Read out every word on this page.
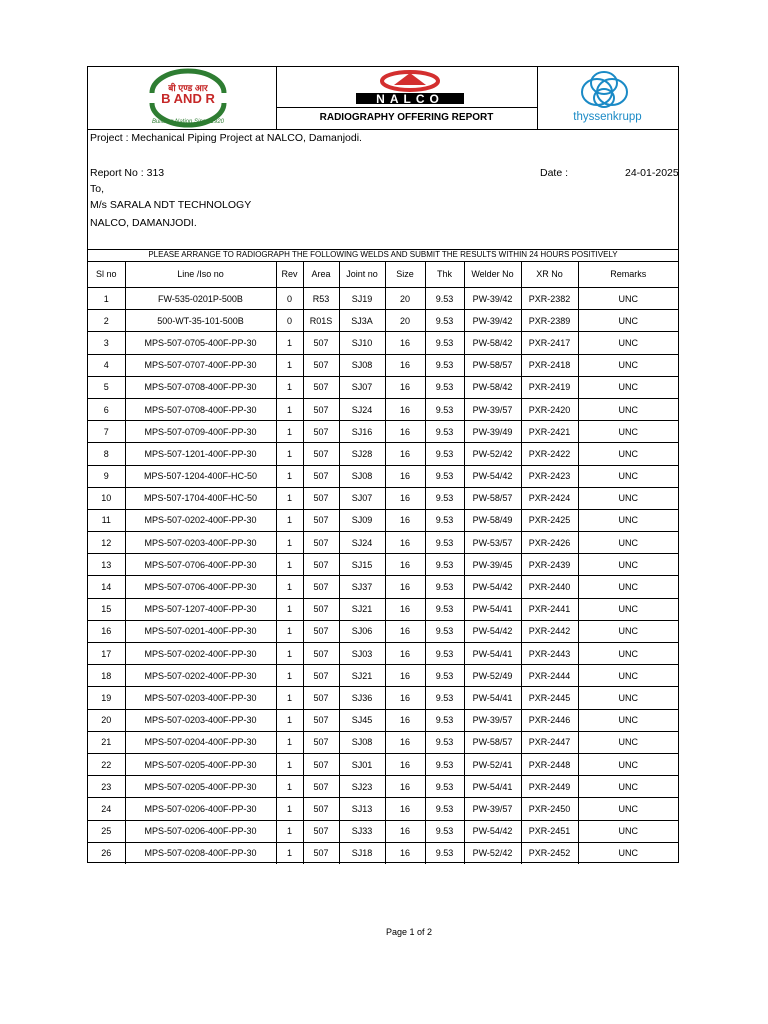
बी एण्ड आर
B AND R
Building Nation Since 1920
NALCO
RADIOGRAPHY OFFERING REPORT	thyssenkrupp
Project : Mechanical Piping Project at NALCO, Damanjodi.
Report No : 313	Date :	24-01-2025
To,
M/s SARALA NDT TECHNOLOGY
NALCO, DAMANJODI.
PLEASE ARRANGE TO RADIOGRAPH THE FOLLOWING WELDS AND SUBMIT THE RESULTS WITHIN 24 HOURS POSITIVELY
Sl no	Line /Iso no	Rev	Area	Joint no	Size	Thk	Welder No	XR No	Remarks
1	FW-535-0201P-500B	0	R53	SJ19	20	9.53	PW-39/42	PXR-2382	UNC
2	500-WT-35-101-500B	0	R01S	SJ3A	20	9.53	PW-39/42	PXR-2389	UNC
3	MPS-507-0705-400F-PP-30	1	507	SJ10	16	9.53	PW-58/42	PXR-2417	UNC
4	MPS-507-0707-400F-PP-30	1	507	SJ08	16	9.53	PW-58/57	PXR-2418	UNC
5	MPS-507-0708-400F-PP-30	1	507	SJ07	16	9.53	PW-58/42	PXR-2419	UNC
6	MPS-507-0708-400F-PP-30	1	507	SJ24	16	9.53	PW-39/57	PXR-2420	UNC
7	MPS-507-0709-400F-PP-30	1	507	SJ16	16	9.53	PW-39/49	PXR-2421	UNC
8	MPS-507-1201-400F-PP-30	1	507	SJ28	16	9.53	PW-52/42	PXR-2422	UNC
9	MPS-507-1204-400F-HC-50	1	507	SJ08	16	9.53	PW-54/42	PXR-2423	UNC
10	MPS-507-1704-400F-HC-50	1	507	SJ07	16	9.53	PW-58/57	PXR-2424	UNC
11	MPS-507-0202-400F-PP-30	1	507	SJ09	16	9.53	PW-58/49	PXR-2425	UNC
12	MPS-507-0203-400F-PP-30	1	507	SJ24	16	9.53	PW-53/57	PXR-2426	UNC
13	MPS-507-0706-400F-PP-30	1	507	SJ15	16	9.53	PW-39/45	PXR-2439	UNC
14	MPS-507-0706-400F-PP-30	1	507	SJ37	16	9.53	PW-54/42	PXR-2440	UNC
15	MPS-507-1207-400F-PP-30	1	507	SJ21	16	9.53	PW-54/41	PXR-2441	UNC
16	MPS-507-0201-400F-PP-30	1	507	SJ06	16	9.53	PW-54/42	PXR-2442	UNC
17	MPS-507-0202-400F-PP-30	1	507	SJ03	16	9.53	PW-54/41	PXR-2443	UNC
18	MPS-507-0202-400F-PP-30	1	507	SJ21	16	9.53	PW-52/49	PXR-2444	UNC
19	MPS-507-0203-400F-PP-30	1	507	SJ36	16	9.53	PW-54/41	PXR-2445	UNC
20	MPS-507-0203-400F-PP-30	1	507	SJ45	16	9.53	PW-39/57	PXR-2446	UNC
21	MPS-507-0204-400F-PP-30	1	507	SJ08	16	9.53	PW-58/57	PXR-2447	UNC
22	MPS-507-0205-400F-PP-30	1	507	SJ01	16	9.53	PW-52/41	PXR-2448	UNC
23	MPS-507-0205-400F-PP-30	1	507	SJ23	16	9.53	PW-54/41	PXR-2449	UNC
24	MPS-507-0206-400F-PP-30	1	507	SJ13	16	9.53	PW-39/57	PXR-2450	UNC
25	MPS-507-0206-400F-PP-30	1	507	SJ33	16	9.53	PW-54/42	PXR-2451	UNC
26	MPS-507-0208-400F-PP-30	1	507	SJ18	16	9.53	PW-52/42	PXR-2452	UNC
Page 1 of 2
